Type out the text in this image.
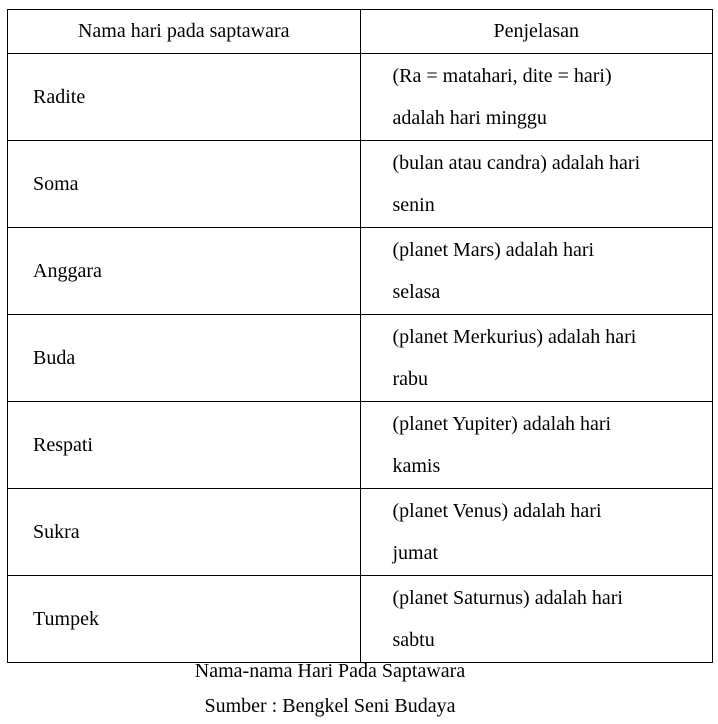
Nama hari pada saptawara	Penjelasan
Radite	(Ra = matahari, dite = hari)
adalah hari minggu

Soma	(bulan atau candra) adalah hari
senin

Anggara	(planet Mars) adalah hari
selasa

Buda	(planet Merkurius) adalah hari
rabu

Respati	(planet Yupiter) adalah hari
kamis

Sukra	(planet Venus) adalah hari
jumat

Tumpek	(planet Saturnus) adalah hari
sabtu
Nama-nama Hari Pada Saptawara
Sumber : Bengkel Seni Budaya
